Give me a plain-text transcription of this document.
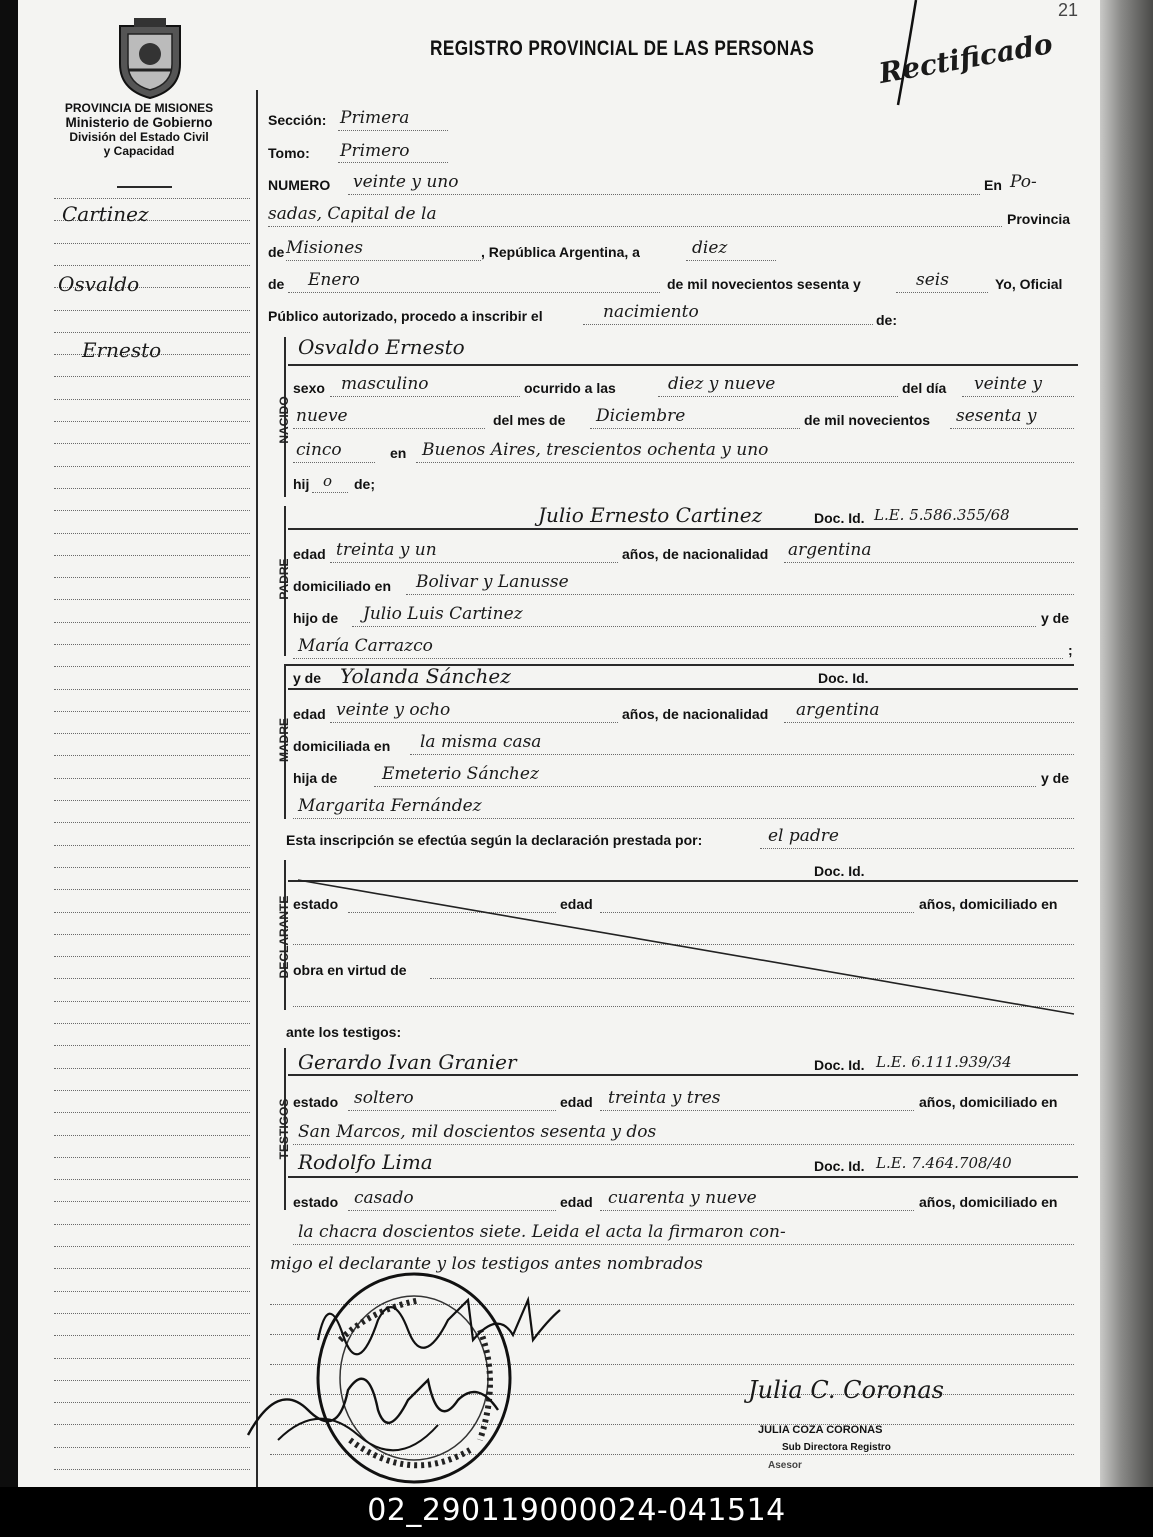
21
PROVINCIA DE MISIONES
Ministerio de Gobierno
División del Estado Civil
y Capacidad
REGISTRO PROVINCIAL DE LAS PERSONAS Rectificado
Cartinez
Osvaldo
Ernesto
Sección: Primera
Tomo: Primero
NUMERO veinte y uno	En Po-
sadas, Capital de la	Provincia
de Misiones	, República Argentina, a	diez
de Enero	de mil novecientos sesenta y	seis	Yo, Oficial
Público autorizado, procedo a inscribir el	nacimiento	de:
NACIDO
Osvaldo Ernesto
sexo masculino	ocurrido a las	diez y nueve	del día veinte y
nueve	del mes de Diciembre	de mil novecientos sesenta y
cinco	en Buenos Aires, trescientos ochenta y uno
hij o de;
PADRE
Julio Ernesto Cartinez	Doc. Id. L.E. 5.586.355/68
edad treinta y un	años, de nacionalidad argentina
domiciliado en Bolivar y Lanusse
hijo de Julio Luis Cartinez	y de
María Carrazco	;
MADRE
y de Yolanda Sánchez	Doc. Id.
edad veinte y ocho	años, de nacionalidad argentina
domiciliada en la misma casa
hija de	Emeterio Sánchez	y de
Margarita Fernández
Esta inscripción se efectúa según la declaración prestada por:	el padre
DECLARANTE
Doc. Id.
estado	edad	años, domiciliado en
obra en virtud de
ante los testigos:
TESTIGOS
Gerardo Ivan Granier	Doc. Id. L.E. 6.111.939/34
estado soltero	edad treinta y tres	años, domiciliado en
San Marcos, mil doscientos sesenta y dos
Rodolfo Lima	Doc. Id. L.E. 7.464.708/40
estado casado	edad cuarenta y nueve	años, domiciliado en
la chacra doscientos siete. Leida el acta la firmaron con-
migo el declarante y los testigos antes nombrados
Julia C. Coronas
JULIA COZA CORONAS
Sub Directora Registro
Asesor
02_290119000024-041514
